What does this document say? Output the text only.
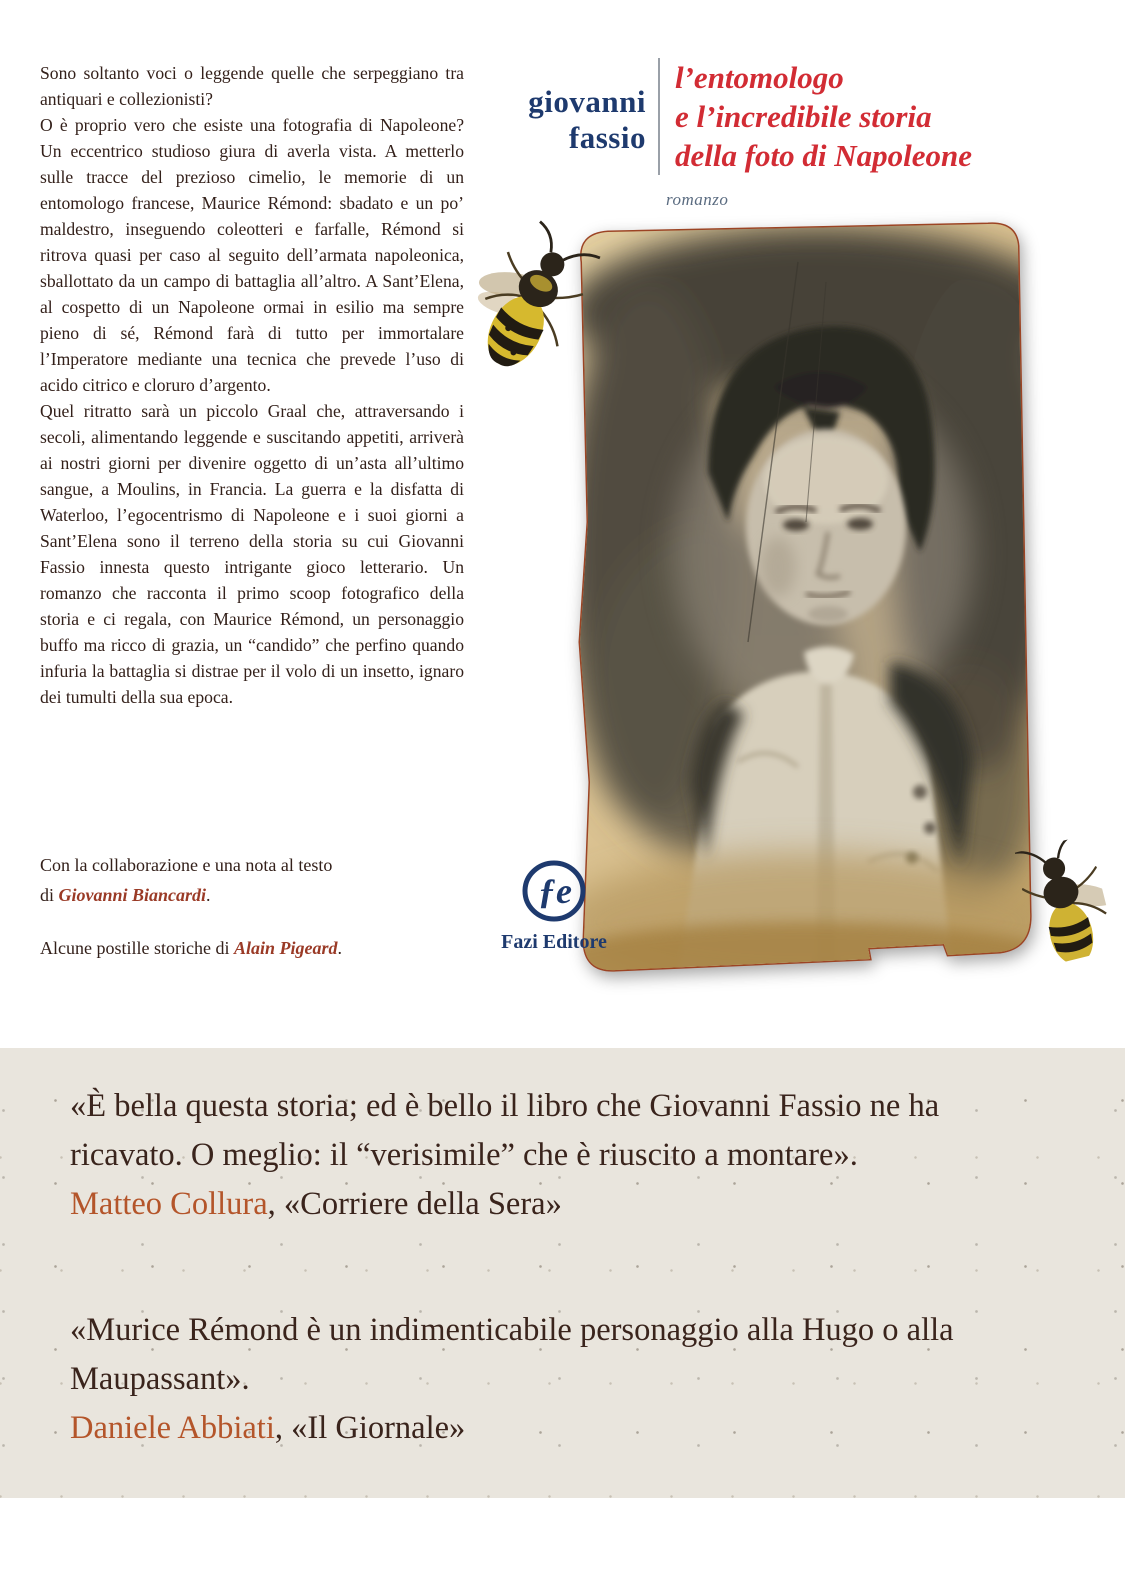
Sono soltanto voci o leggende quelle che serpeggiano tra antiquari e collezionisti?

O è proprio vero che esiste una fotografia di Napoleone? Un eccentrico studioso giura di averla vista. A metterlo sulle tracce del prezioso cimelio, le memorie di un entomologo francese, Maurice Rémond: sbadato e un po’ maldestro, inseguendo coleotteri e farfalle, Rémond si ritrova quasi per caso al seguito dell’armata napoleonica, sballottato da un campo di battaglia all’altro. A Sant’Elena, al cospetto di un Napoleone ormai in esilio ma sempre pieno di sé, Rémond farà di tutto per immortalare l’Imperatore mediante una tecnica che prevede l’uso di acido citrico e cloruro d’argento.

Quel ritratto sarà un piccolo Graal che, attraversando i secoli, alimentando leggende e suscitando appetiti, arriverà ai nostri giorni per divenire oggetto di un’asta all’ultimo sangue, a Moulins, in Francia. La guerra e la disfatta di Waterloo, l’egocentrismo di Napoleone e i suoi giorni a Sant’Elena sono il terreno della storia su cui Giovanni Fassio innesta questo intrigante gioco letterario. Un romanzo che racconta il primo scoop fotografico della storia e ci regala, con Maurice Rémond, un personaggio buffo ma ricco di grazia, un “candido” che perfino quando infuria la battaglia si distrae per il volo di un insetto, ignaro dei tumulti della sua epoca.

Con la collaborazione e una nota al testo
di Giovanni Biancardi.
Alcune postille storiche di Alain Pigeard.
giovanni
fassio
l’entomologo
e l’incredibile storia
della foto di Napoleone
romanzo
ƒe
Fazi Editore
«È bella questa storia; ed è bello il libro che Giovanni Fassio ne ha ricavato. O meglio: il “verisimile” che è riuscito a montare».
Matteo Collura, «Corriere della Sera»
«Murice Rémond è un indimenticabile personaggio alla Hugo o alla Maupassant».
Daniele Abbiati, «Il Giornale»
